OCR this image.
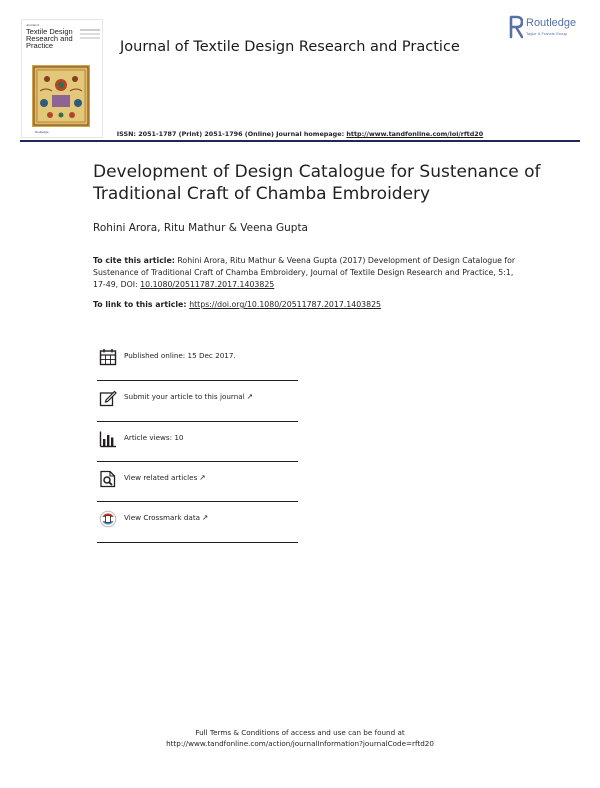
Journal of
Textile Design Research and Practice
Routledge
Journal of Textile Design Research and Practice
Routledge
Taylor & Francis Group
ISSN: 2051-1787 (Print) 2051-1796 (Online) Journal homepage: http://www.tandfonline.com/loi/rftd20
Development of Design Catalogue for Sustenance of Traditional Craft of Chamba Embroidery
Rohini Arora, Ritu Mathur & Veena Gupta
To cite this article: Rohini Arora, Ritu Mathur & Veena Gupta (2017) Development of Design Catalogue for Sustenance of Traditional Craft of Chamba Embroidery, Journal of Textile Design Research and Practice, 5:1, 17-49, DOI: 10.1080/20511787.2017.1403825
To link to this article: https://doi.org/10.1080/20511787.2017.1403825
Published online: 15 Dec 2017.
Submit your article to this journal ↗
Article views: 10
View related articles ↗
View Crossmark data ↗
Full Terms & Conditions of access and use can be found at
http://www.tandfonline.com/action/journalInformation?journalCode=rftd20
